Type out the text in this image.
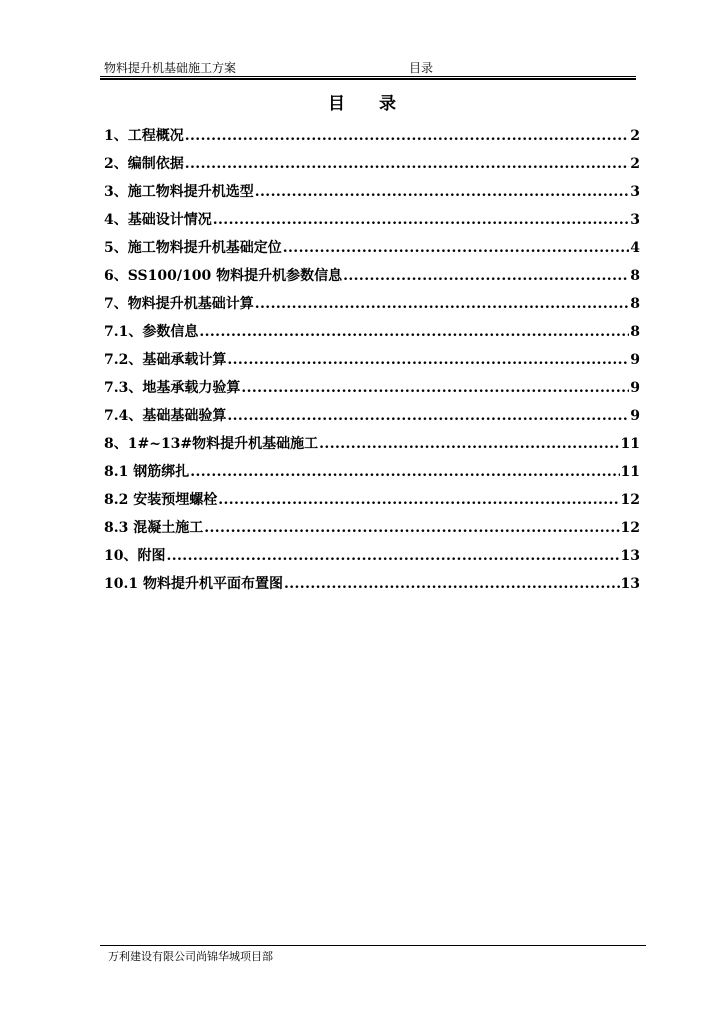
物料提升机基础施工方案	目录
目 录
1、工程概况 .....	2
2、编制依据 .....	2
3、施工物料提升机选型 .....	3
4、基础设计情况 .....	3
5、施工物料提升机基础定位 .....	4
6、SS100/100 物料提升机参数信息 .....	8
7、物料提升机基础计算 .....	8
7.1、参数信息 .....	8
7.2、基础承载计算 .....	9
7.3、地基承载力验算 .....	9
7.4、基础基础验算 .....	9
8、1#~13#物料提升机基础施工 .....	11
8.1 钢筋绑扎 .....	11
8.2 安装预埋螺栓 .....	12
8.3 混凝土施工 .....	12
10、附图 .....	13
10.1 物料提升机平面布置图 .....	13
万利建设有限公司尚锦华城项目部
